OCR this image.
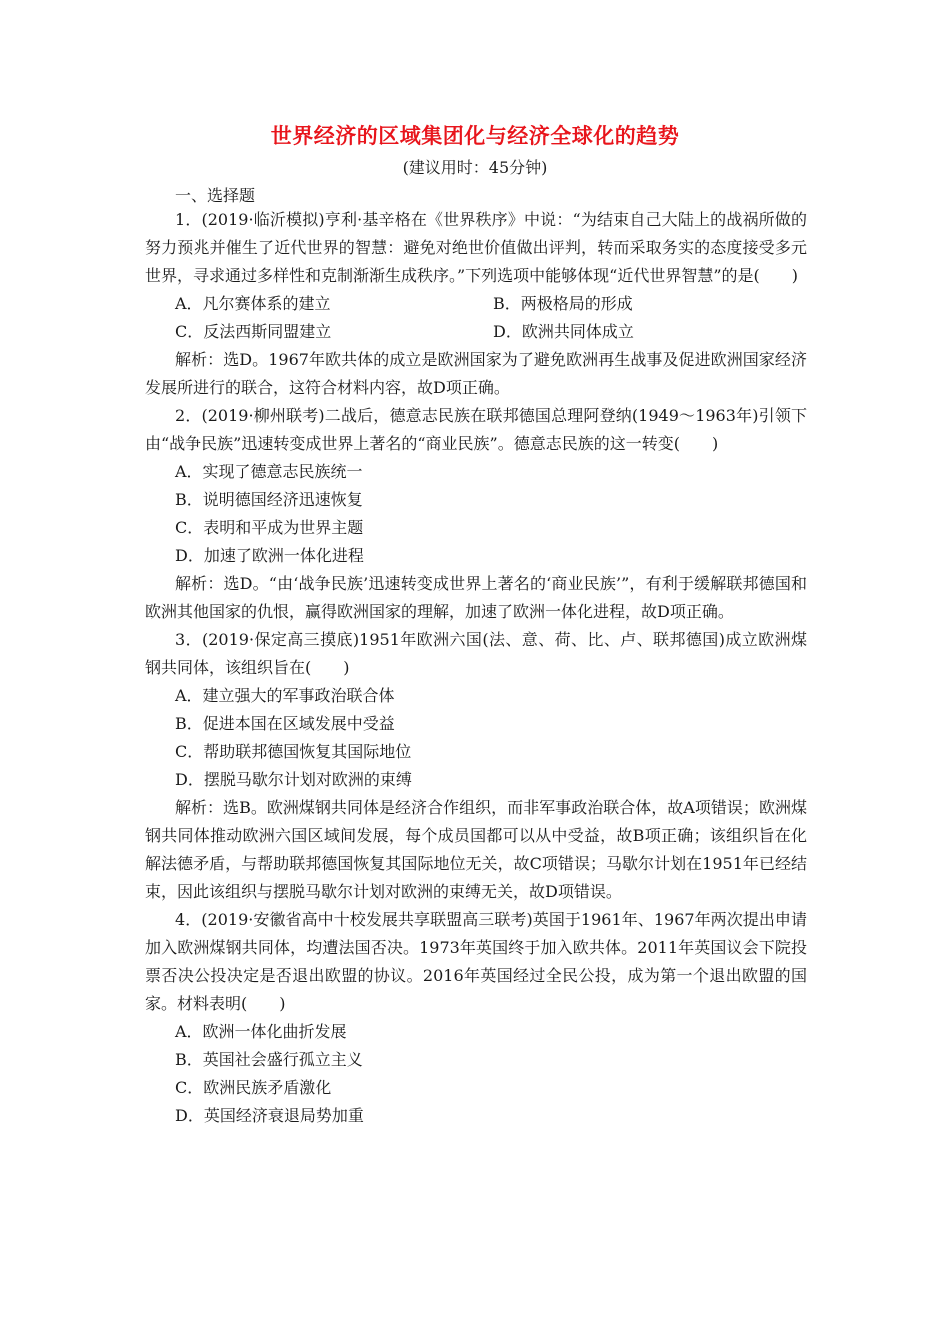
世界经济的区域集团化与经济全球化的趋势
(建议用时：45分钟)
一、选择题

1．(2019·临沂模拟)亨利·基辛格在《世界秩序》中说：“为结束自己大陆上的战祸所做的努力预兆并催生了近代世界的智慧：避免对绝世价值做出评判，转而采取务实的态度接受多元世界，寻求通过多样性和克制渐渐生成秩序。”下列选项中能够体现“近代世界智慧”的是(　　)

A．凡尔赛体系的建立	B．两极格局的形成
C．反法西斯同盟建立	D．欧洲共同体成立

解析：选D。1967年欧共体的成立是欧洲国家为了避免欧洲再生战事及促进欧洲国家经济发展所进行的联合，这符合材料内容，故D项正确。

2．(2019·柳州联考)二战后，德意志民族在联邦德国总理阿登纳(1949～1963年)引领下由“战争民族”迅速转变成世界上著名的“商业民族”。德意志民族的这一转变(　　)

A．实现了德意志民族统一

B．说明德国经济迅速恢复

C．表明和平成为世界主题

D．加速了欧洲一体化进程

解析：选D。“由‘战争民族’迅速转变成世界上著名的‘商业民族’”，有利于缓解联邦德国和欧洲其他国家的仇恨，赢得欧洲国家的理解，加速了欧洲一体化进程，故D项正确。

3．(2019·保定高三摸底)1951年欧洲六国(法、意、荷、比、卢、联邦德国)成立欧洲煤钢共同体，该组织旨在(　　)

A．建立强大的军事政治联合体

B．促进本国在区域发展中受益

C．帮助联邦德国恢复其国际地位

D．摆脱马歇尔计划对欧洲的束缚

解析：选B。欧洲煤钢共同体是经济合作组织，而非军事政治联合体，故A项错误；欧洲煤钢共同体推动欧洲六国区域间发展，每个成员国都可以从中受益，故B项正确；该组织旨在化解法德矛盾，与帮助联邦德国恢复其国际地位无关，故C项错误；马歇尔计划在1951年已经结束，因此该组织与摆脱马歇尔计划对欧洲的束缚无关，故D项错误。

4．(2019·安徽省高中十校发展共享联盟高三联考)英国于1961年、1967年两次提出申请加入欧洲煤钢共同体，均遭法国否决。1973年英国终于加入欧共体。2011年英国议会下院投票否决公投决定是否退出欧盟的协议。2016年英国经过全民公投，成为第一个退出欧盟的国家。材料表明(　　)

A．欧洲一体化曲折发展

B．英国社会盛行孤立主义

C．欧洲民族矛盾激化

D．英国经济衰退局势加重
